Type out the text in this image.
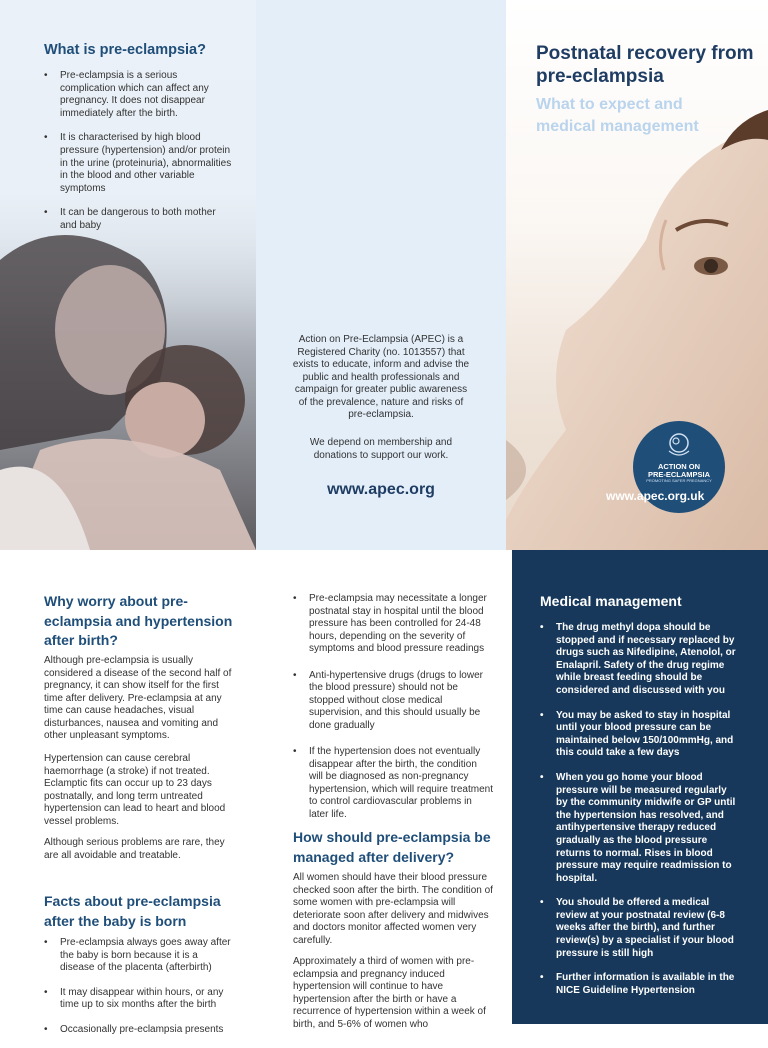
What is pre-eclampsia?
• Pre-eclampsia is a serious complication which can affect any pregnancy. It does not disappear immediately after the birth.
• It is characterised by high blood pressure (hypertension) and/or protein in the urine (proteinuria), abnormalities in the blood and other variable symptoms
• It can be dangerous to both mother and baby

Action on Pre-Eclampsia (APEC) is a Registered Charity (no. 1013557) that exists to educate, inform and advise the public and health professionals and campaign for greater public awareness of the prevalence, nature and risks of pre-eclampsia.

We depend on membership and donations to support our work.

www.apec.org
Postnatal recovery from pre-eclampsia
What to expect and medical management
ACTION ON
PRE-ECLAMPSIA
PROMOTING SAFER PREGNANCY
www.apec.org.uk
Why worry about pre-eclampsia and hypertension after birth?

Although pre-eclampsia is usually considered a disease of the second half of pregnancy, it can show itself for the first time after delivery. Pre-eclampsia at any time can cause headaches, visual disturbances, nausea and vomiting and other unpleasant symptoms.

Hypertension can cause cerebral haemorrhage (a stroke) if not treated. Eclamptic fits can occur up to 23 days postnatally, and long term untreated hypertension can lead to heart and blood vessel problems.

Although serious problems are rare, they are all avoidable and treatable.

Facts about pre-eclampsia after the baby is born
• Pre-eclampsia always goes away after the baby is born because it is a disease of the placenta (afterbirth)
• It may disappear within hours, or any time up to six months after the birth
• Occasionally pre-eclampsia presents
• Pre-eclampsia may necessitate a longer postnatal stay in hospital until the blood pressure has been controlled for 24-48 hours, depending on the severity of symptoms and blood pressure readings
• Anti-hypertensive drugs (drugs to lower the blood pressure) should not be stopped without close medical supervision, and this should usually be done gradually
• If the hypertension does not eventually disappear after the birth, the condition will be diagnosed as non-pregnancy hypertension, which will require treatment to control cardiovascular problems in later life.
How should pre-eclampsia be managed after delivery?

All women should have their blood pressure checked soon after the birth. The condition of some women with pre-eclampsia will deteriorate soon after delivery and midwives and doctors monitor affected women very carefully.

Approximately a third of women with pre-eclampsia and pregnancy induced hypertension will continue to have hypertension after the birth or have a recurrence of hypertension within a week of birth, and 5-6% of women who

Medical management
• The drug methyl dopa should be stopped and if necessary replaced by drugs such as Nifedipine, Atenolol, or Enalapril. Safety of the drug regime while breast feeding should be considered and discussed with you
• You may be asked to stay in hospital until your blood pressure can be maintained below 150/100mmHg, and this could take a few days
• When you go home your blood pressure will be measured regularly by the community midwife or GP until the hypertension has resolved, and antihypertensive therapy reduced gradually as the blood pressure returns to normal. Rises in blood pressure may require readmission to hospital.
• You should be offered a medical review at your postnatal review (6-8 weeks after the birth), and further review(s) by a specialist if your blood pressure is still high
• Further information is available in the NICE Guideline Hypertension
